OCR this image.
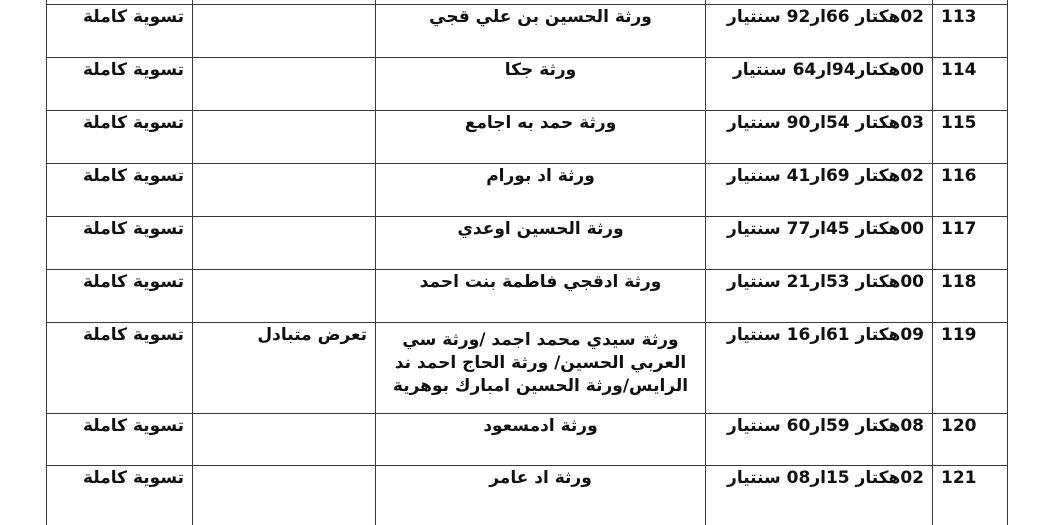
تسوية كاملة		ورثة الحسين بن علي قجي	02هكتار 66ار92 سنتيار	113
تسوية كاملة		ورثة جكا	00هكتار94ار64 سنتيار	114
تسوية كاملة		ورثة حمد به اجامع	03هكتار 54ار90 سنتيار	115
تسوية كاملة		ورثة اد بورام	02هكتار 69ار41 سنتيار	116
تسوية كاملة		ورثة الحسين اوعدي	00هكتار 45ار77 سنتيار	117
تسوية كاملة		ورثة ادقجي فاطمة بنت احمد	00هكتار 53ار21 سنتيار	118
تسوية كاملة	تعرض متبادل	ورثة سيدي محمد اجمد /ورثة سي
العربي الحسين/ ورثة الحاج احمد ند
الرايس/ورثة الحسين امبارك بوهرية	09هكتار 61ار16 سنتيار	119
تسوية كاملة		ورثة ادمسعود	08هكتار 59ار60 سنتيار	120
تسوية كاملة		ورثة اد عامر	02هكتار 15ار08 سنتيار	121
